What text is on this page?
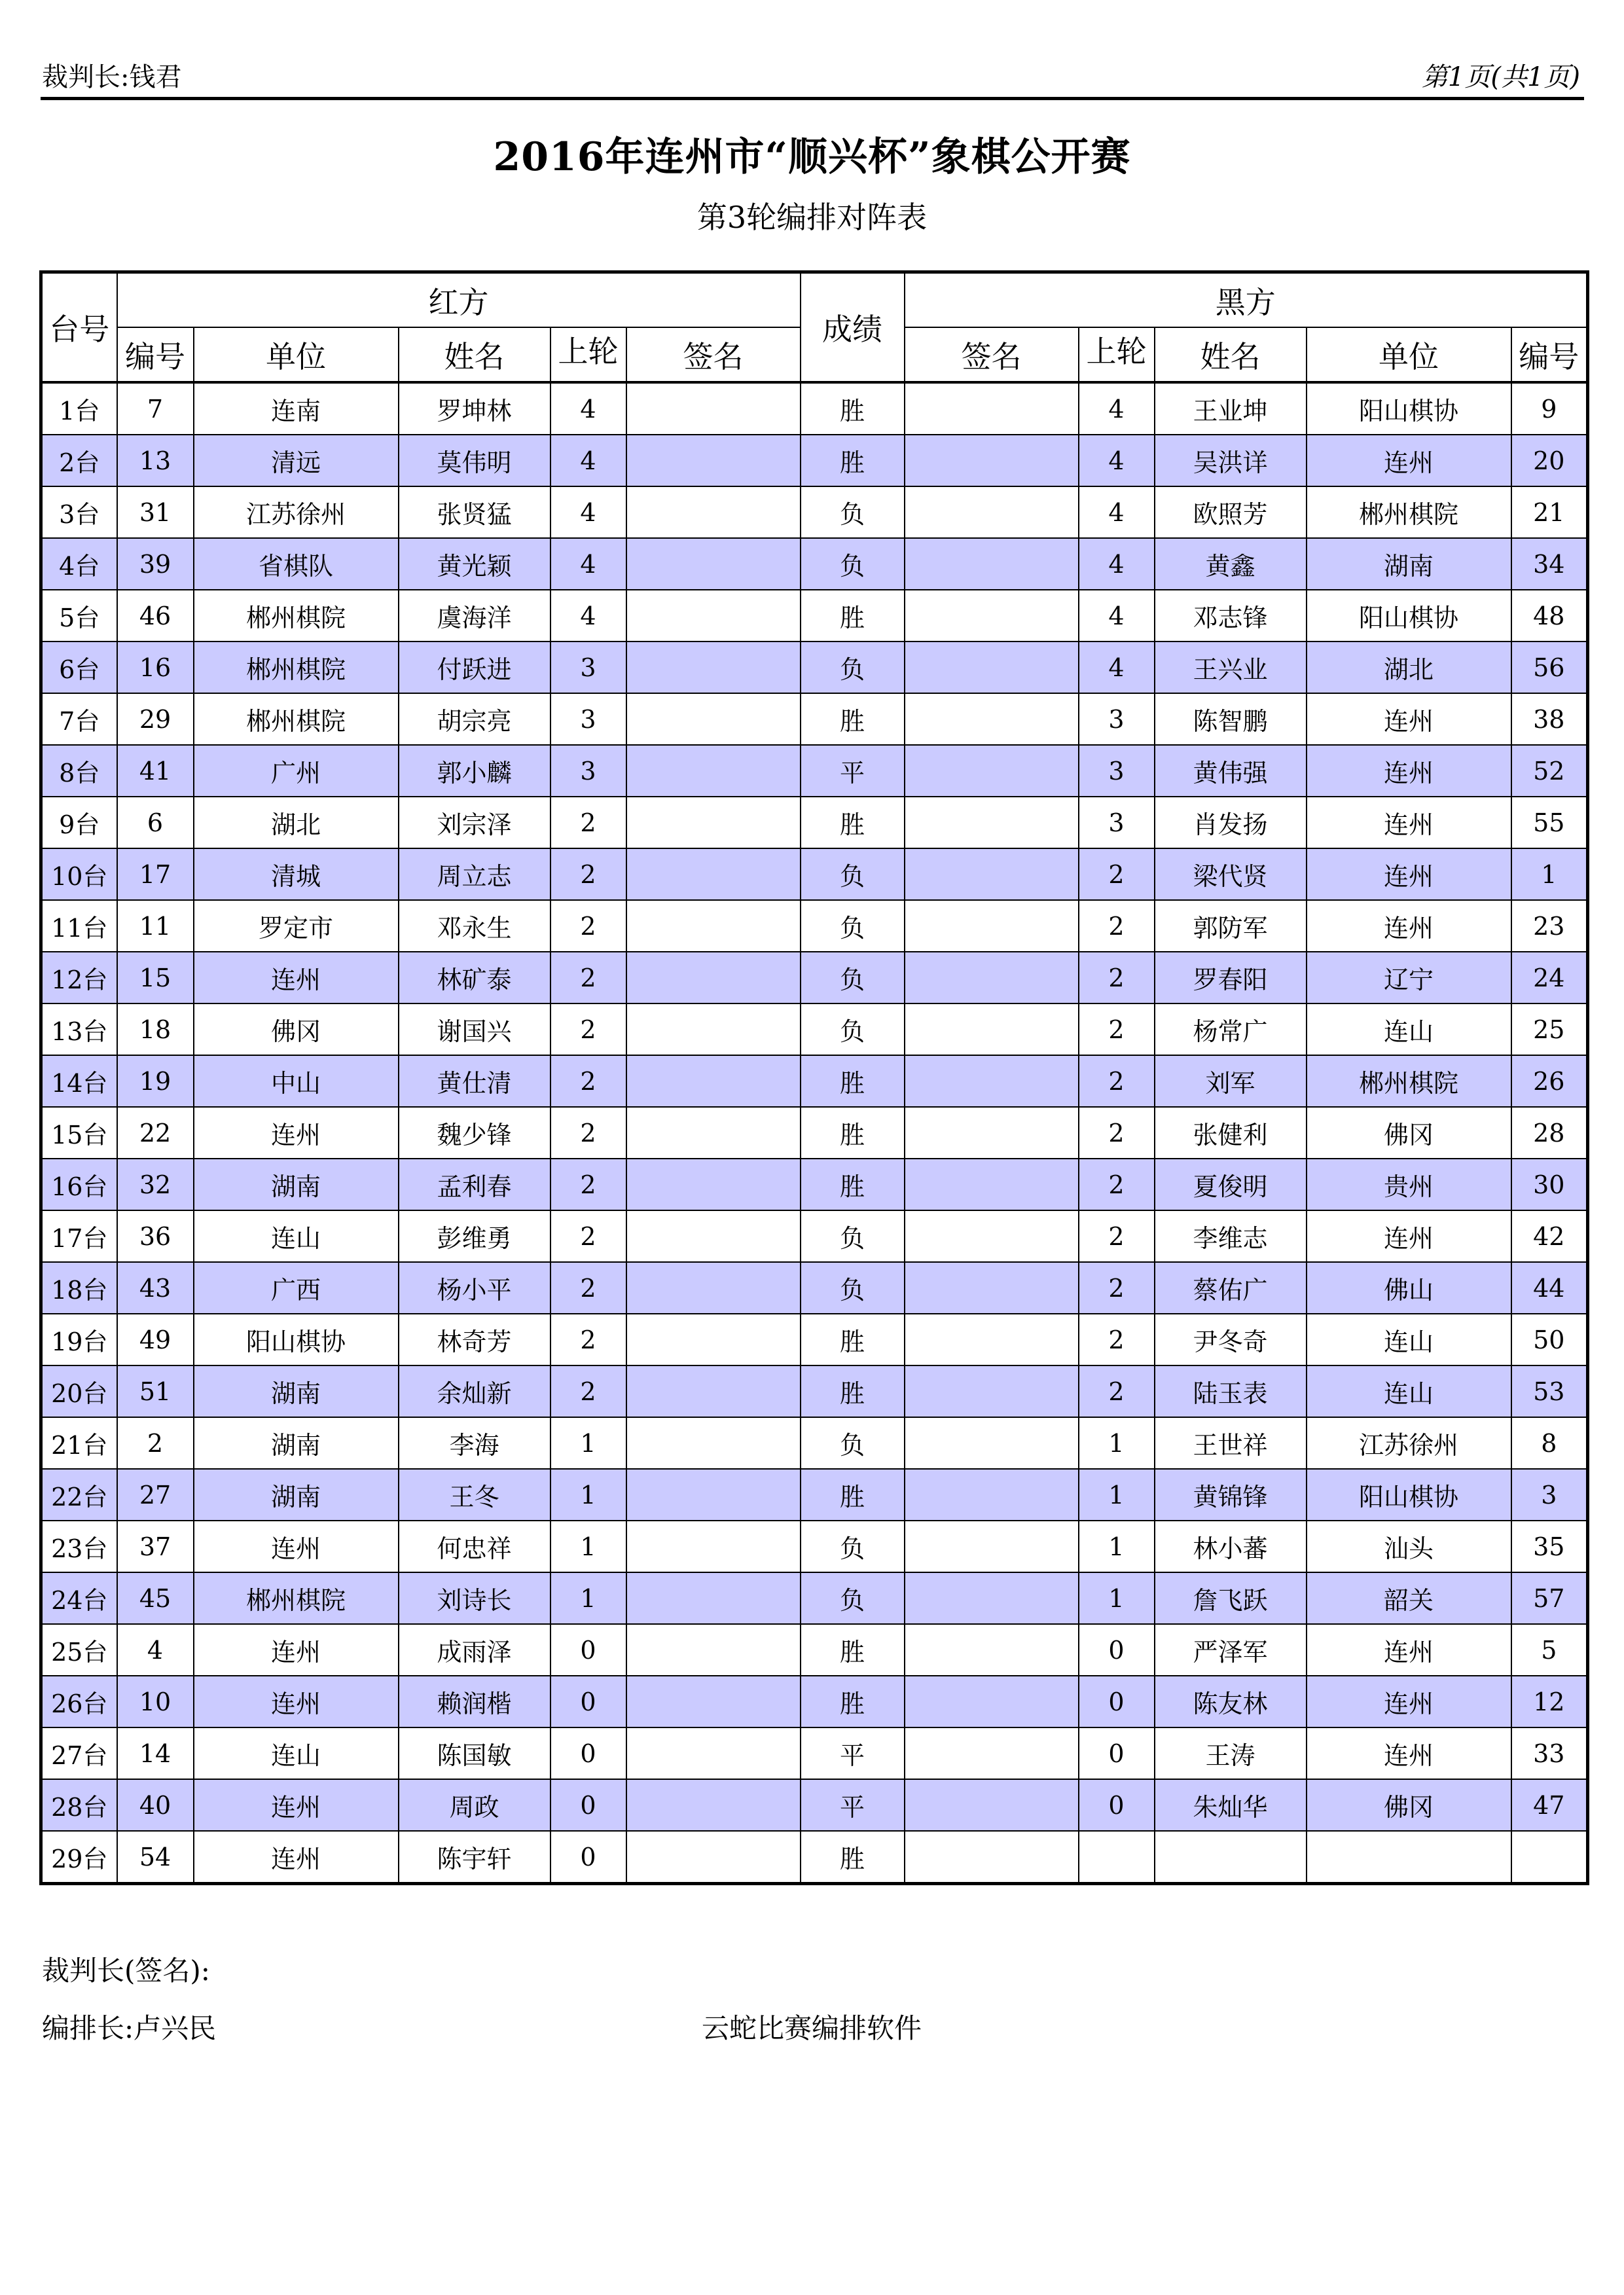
裁判长:钱君	第1页(共1页)
2016年连州市“顺兴杯”象棋公开赛
第3轮编排对阵表
台号	红方					成绩	黑方				
	编号	单位	姓名	上轮	签名		签名	上轮	姓名	单位	编号
1台	7	连南	罗坤林	4		胜		4	王业坤	阳山棋协	9
2台	13	清远	莫伟明	4		胜		4	吴洪详	连州	20
3台	31	江苏徐州	张贤猛	4		负		4	欧照芳	郴州棋院	21
4台	39	省棋队	黄光颖	4		负		4	黄鑫	湖南	34
5台	46	郴州棋院	虞海洋	4		胜		4	邓志锋	阳山棋协	48
6台	16	郴州棋院	付跃进	3		负		4	王兴业	湖北	56
7台	29	郴州棋院	胡宗亮	3		胜		3	陈智鹏	连州	38
8台	41	广州	郭小麟	3		平		3	黄伟强	连州	52
9台	6	湖北	刘宗泽	2		胜		3	肖发扬	连州	55
10台	17	清城	周立志	2		负		2	梁代贤	连州	1
11台	11	罗定市	邓永生	2		负		2	郭防军	连州	23
12台	15	连州	林矿泰	2		负		2	罗春阳	辽宁	24
13台	18	佛冈	谢国兴	2		负		2	杨常广	连山	25
14台	19	中山	黄仕清	2		胜		2	刘军	郴州棋院	26
15台	22	连州	魏少锋	2		胜		2	张健利	佛冈	28
16台	32	湖南	孟利春	2		胜		2	夏俊明	贵州	30
17台	36	连山	彭维勇	2		负		2	李维志	连州	42
18台	43	广西	杨小平	2		负		2	蔡佑广	佛山	44
19台	49	阳山棋协	林奇芳	2		胜		2	尹冬奇	连山	50
20台	51	湖南	余灿新	2		胜		2	陆玉表	连山	53
21台	2	湖南	李海	1		负		1	王世祥	江苏徐州	8
22台	27	湖南	王冬	1		胜		1	黄锦锋	阳山棋协	3
23台	37	连州	何忠祥	1		负		1	林小蕃	汕头	35
24台	45	郴州棋院	刘诗长	1		负		1	詹飞跃	韶关	57
25台	4	连州	成雨泽	0		胜		0	严泽军	连州	5
26台	10	连州	赖润楷	0		胜		0	陈友林	连州	12
27台	14	连山	陈国敏	0		平		0	王涛	连州	33
28台	40	连州	周政	0		平		0	朱灿华	佛冈	47
29台	54	连州	陈宇轩	0		胜					
裁判长(签名):
编排长:卢兴民	云蛇比赛编排软件
